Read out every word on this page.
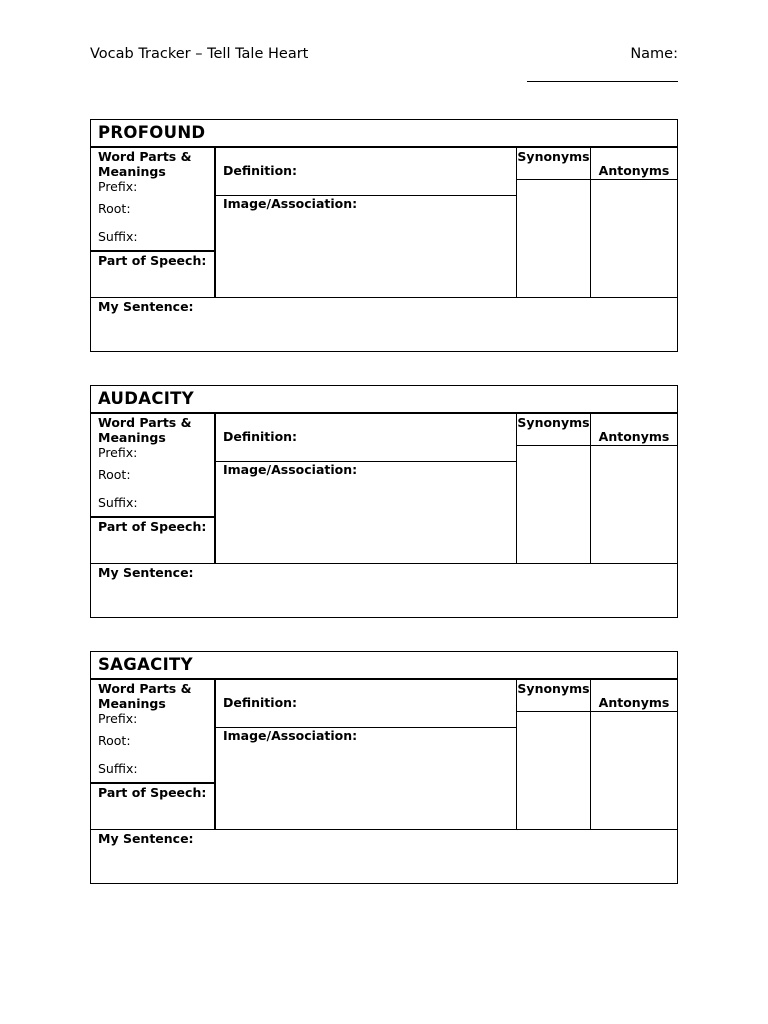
Vocab Tracker – Tell Tale Heart	Name:
PROFOUND
Word Parts & Meanings
Prefix:
Root:
Suffix:
Part of Speech:
Definition:
Image/Association:
Synonyms
Antonyms
My Sentence:
AUDACITY
Word Parts & Meanings
Prefix:
Root:
Suffix:
Part of Speech:
Definition:
Image/Association:
Synonyms
Antonyms
My Sentence:
SAGACITY
Word Parts & Meanings
Prefix:
Root:
Suffix:
Part of Speech:
Definition:
Image/Association:
Synonyms
Antonyms
My Sentence:
